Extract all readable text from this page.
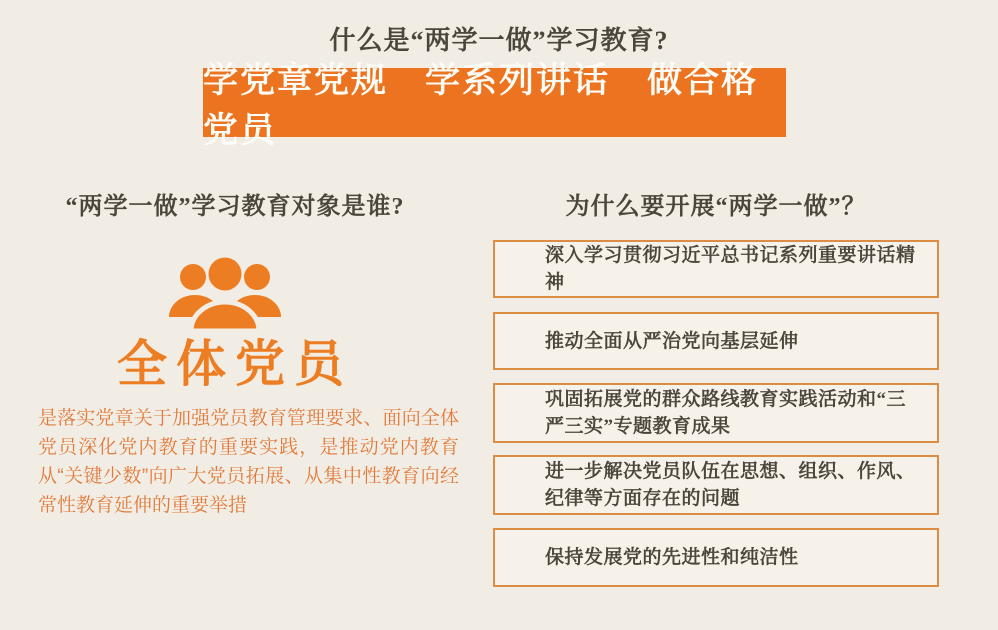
什么是“两学一做”学习教育?
学党章党规　学系列讲话　做合格党员
“两学一做”学习教育对象是谁?	为什么要开展“两学一做”？
全体党员
是落实党章关于加强党员教育管理要求、面向全体党员深化党内教育的重要实践，是推动党内教育从“关键少数”向广大党员拓展、从集中性教育向经常性教育延伸的重要举措
深入学习贯彻习近平总书记系列重要讲话精神
推动全面从严治党向基层延伸
巩固拓展党的群众路线教育实践活动和“三严三实”专题教育成果
进一步解决党员队伍在思想、组织、作风、纪律等方面存在的问题
保持发展党的先进性和纯洁性
